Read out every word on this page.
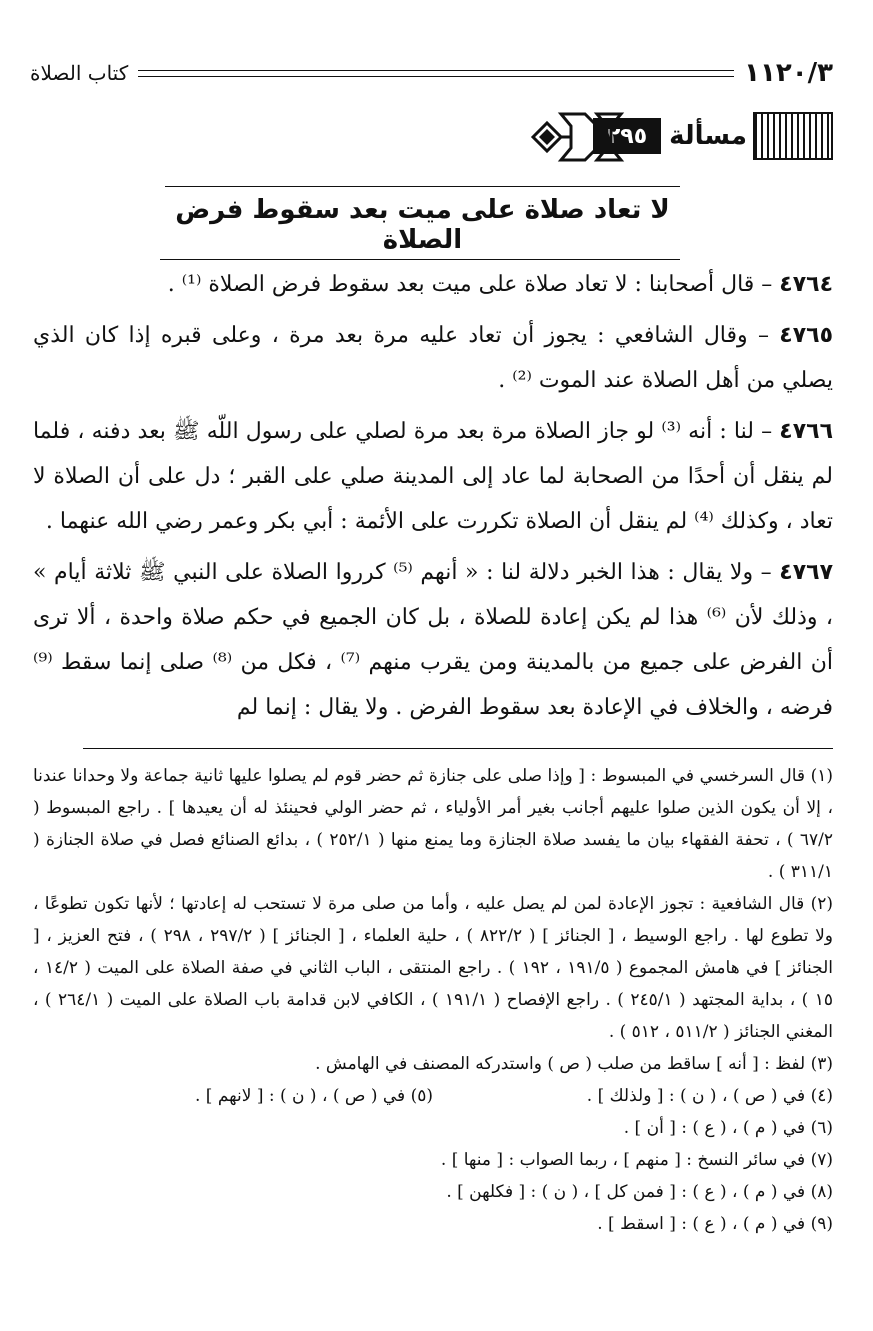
١١٢٠/٣
كتاب الصلاة
مسألة
٢٩٥
لا تعاد صلاة على ميت بعد سقوط فرض الصلاة

٤٧٦٤ – قال أصحابنا : لا تعاد صلاة على ميت بعد سقوط فرض الصلاة ⁽¹⁾ .

٤٧٦٥ – وقال الشافعي : يجوز أن تعاد عليه مرة بعد مرة ، وعلى قبره إذا كان الذي يصلي من أهل الصلاة عند الموت ⁽²⁾ .

٤٧٦٦ – لنا : أنه ⁽³⁾ لو جاز الصلاة مرة بعد مرة لصلي على رسول اللّه ﷺ بعد دفنه ، فلما لم ينقل أن أحدًا من الصحابة لما عاد إلى المدينة صلي على القبر ؛ دل على أن الصلاة لا تعاد ، وكذلك ⁽⁴⁾ لم ينقل أن الصلاة تكررت على الأئمة : أبي بكر وعمر رضي الله عنهما .

٤٧٦٧ – ولا يقال : هذا الخبر دلالة لنا : « أنهم ⁽⁵⁾ كرروا الصلاة على النبي ﷺ ثلاثة أيام » ، وذلك لأن ⁽⁶⁾ هذا لم يكن إعادة للصلاة ، بل كان الجميع في حكم صلاة واحدة ، ألا ترى أن الفرض على جميع من بالمدينة ومن يقرب منهم ⁽⁷⁾ ، فكل من ⁽⁸⁾ صلى إنما سقط ⁽⁹⁾ فرضه ، والخلاف في الإعادة بعد سقوط الفرض . ولا يقال : إنما لم

(١) قال السرخسي في المبسوط : [ وإذا صلى على جنازة ثم حضر قوم لم يصلوا عليها ثانية جماعة ولا وحدانا عندنا ، إلا أن يكون الذين صلوا عليهم أجانب بغير أمر الأولياء ، ثم حضر الولي فحينئذ له أن يعيدها ] . راجع المبسوط ( ٦٧/٢ ) ، تحفة الفقهاء بيان ما يفسد صلاة الجنازة وما يمنع منها ( ٢٥٢/١ ) ، بدائع الصنائع فصل في صلاة الجنازة ( ٣١١/١ ) .

(٢) قال الشافعية : تجوز الإعادة لمن لم يصل عليه ، وأما من صلى مرة لا تستحب له إعادتها ؛ لأنها تكون تطوعًا ، ولا تطوع لها . راجع الوسيط ، [ الجنائز ] ( ٨٢٢/٢ ) ، حلية العلماء ، [ الجنائز ] ( ٢٩٧/٢ ، ٢٩٨ ) ، فتح العزيز ، [ الجنائز ] في هامش المجموع ( ١٩١/٥ ، ١٩٢ ) . راجع المنتقى ، الباب الثاني في صفة الصلاة على الميت ( ١٤/٢ ، ١٥ ) ، بداية المجتهد ( ٢٤٥/١ ) . راجع الإفصاح ( ١٩١/١ ) ، الكافي لابن قدامة باب الصلاة على الميت ( ٢٦٤/١ ) ، المغني الجنائز ( ٥١١/٢ ، ٥١٢ ) .

(٣) لفظ : [ أنه ] ساقط من صلب ( ص ) واستدركه المصنف في الهامش .

(٤) في ( ص ) ، ( ن ) : [ ولذلك ] .

(٥) في ( ص ) ، ( ن ) : [ لانهم ] .

(٦) في ( م ) ، ( ع ) : [ أن ] .

(٧) في سائر النسخ : [ منهم ] ، ربما الصواب : [ منها ] .

(٨) في ( م ) ، ( ع ) : [ فمن كل ] ، ( ن ) : [ فكلهن ] .

(٩) في ( م ) ، ( ع ) : [ اسقط ] .
